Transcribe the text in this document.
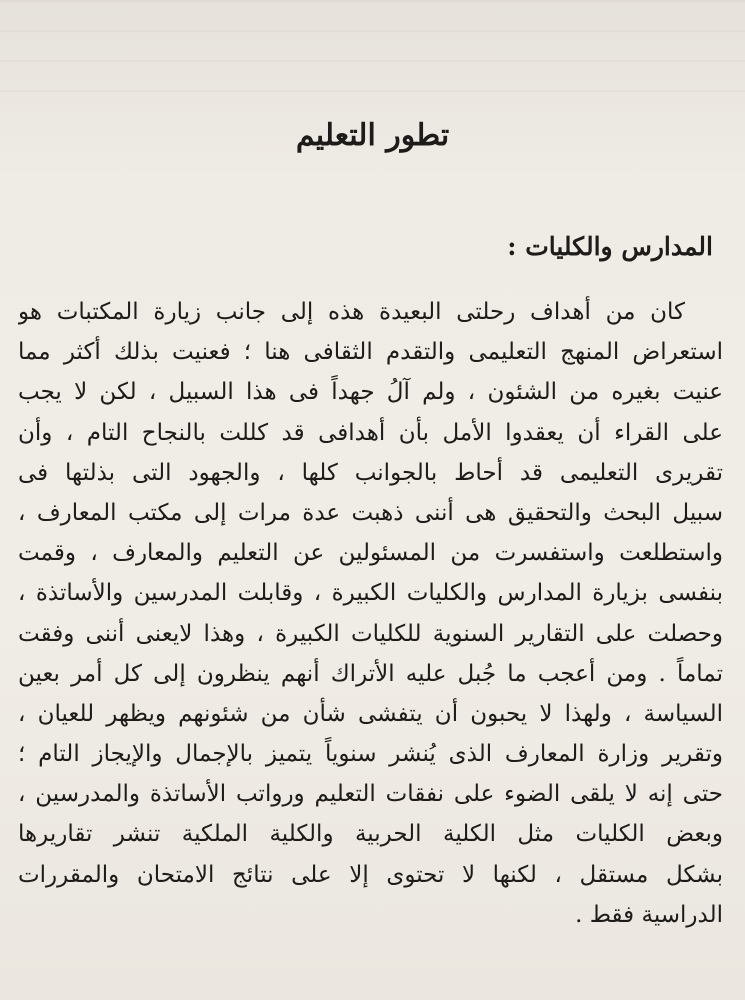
تطور التعليم
المدارس والكليات :
كان من أهداف رحلتى البعيدة هذه إلى جانب زيارة المكتبات هو
استعراض المنهج التعليمى والتقدم الثقافى هنا ؛ فعنيت بذلك أكثر مما
عنيت بغيره من الشئون ، ولم آلُ جهداً فى هذا السبيل ، لكن لا يجب
على القراء أن يعقدوا الأمل بأن أهدافى قد كللت بالنجاح التام ، وأن
تقريرى التعليمى قد أحاط بالجوانب كلها ، والجهود التى بذلتها فى
سبيل البحث والتحقيق هى أننى ذهبت عدة مرات إلى مكتب المعارف ،
واستطلعت واستفسرت من المسئولين عن التعليم والمعارف ، وقمت
بنفسى بزيارة المدارس والكليات الكبيرة ، وقابلت المدرسين والأساتذة ،
وحصلت على التقارير السنوية للكليات الكبيرة ، وهذا لايعنى أننى وفقت
تماماً . ومن أعجب ما جُبل عليه الأتراك أنهم ينظرون إلى كل أمر بعين
السياسة ، ولهذا لا يحبون أن يتفشى شأن من شئونهم ويظهر للعيان ،
وتقرير وزارة المعارف الذى يُنشر سنوياً يتميز بالإجمال والإيجاز التام ؛
حتى إنه لا يلقى الضوء على نفقات التعليم ورواتب الأساتذة والمدرسين ،
وبعض الكليات مثل الكلية الحربية والكلية الملكية تنشر تقاريرها
بشكل مستقل ، لكنها لا تحتوى إلا على نتائج الامتحان والمقررات
الدراسية فقط .
